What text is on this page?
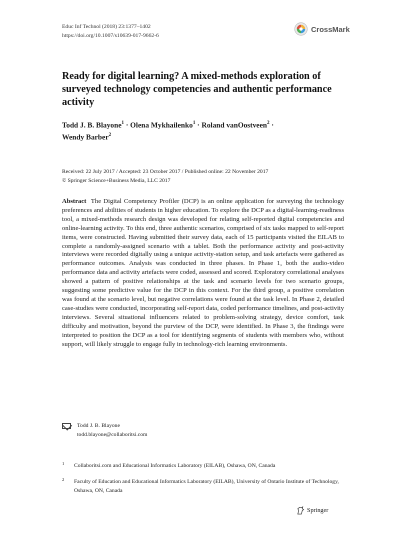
Educ Inf Technol (2018) 23:1377–1402
https://doi.org/10.1007/s10639-017-9662-6
CrossMark
Ready for digital learning? A mixed-methods exploration of surveyed technology competencies and authentic performance activity
Todd J. B. Blayone$^1$ · Olena Mykhailenko$^1$ · Roland vanOostveen$^2$ ·
Wendy Barber$^2$
Received: 22 July 2017 / Accepted: 23 October 2017 / Published online: 22 November 2017
© Springer Science+Business Media, LLC 2017
Abstract The Digital Competency Profiler (DCP) is an online application for surveying the technology preferences and abilities of students in higher education. To explore the DCP as a digital-learning-readiness tool, a mixed-methods research design was developed for relating self-reported digital competencies and online-learning activity. To this end, three authentic scenarios, comprised of six tasks mapped to self-report items, were constructed. Having submitted their survey data, each of 15 participants visited the EILAB to complete a randomly-assigned scenario with a tablet. Both the performance activity and post-activity interviews were recorded digitally using a unique activity-station setup, and task artefacts were gathered as performance outcomes. Analysis was conducted in three phases. In Phase 1, both the audio-video performance data and activity artefacts were coded, assessed and scored. Exploratory correlational analyses showed a pattern of positive relationships at the task and scenario levels for two scenario groups, suggesting some predictive value for the DCP in this context. For the third group, a positive correlation was found at the scenario level, but negative correlations were found at the task level. In Phase 2, detailed case-studies were conducted, incorporating self-report data, coded performance timelines, and post-activity interviews. Several situational influencers related to problem-solving strategy, device comfort, task difficulty and motivation, beyond the purview of the DCP, were identified. In Phase 3, the findings were interpreted to position the DCP as a tool for identifying segments of students with members who, without support, will likely struggle to engage fully in technology-rich learning environments.
Todd J. B. Blayone
todd.blayone@collaboritsi.com
1 Collaboritsi.com and Educational Informatics Laboratory (EILAB), Oshawa, ON, Canada
2 Faculty of Education and Educational Informatics Laboratory (EILAB), University of Ontario Institute of Technology, Oshawa, ON, Canada
Springer
